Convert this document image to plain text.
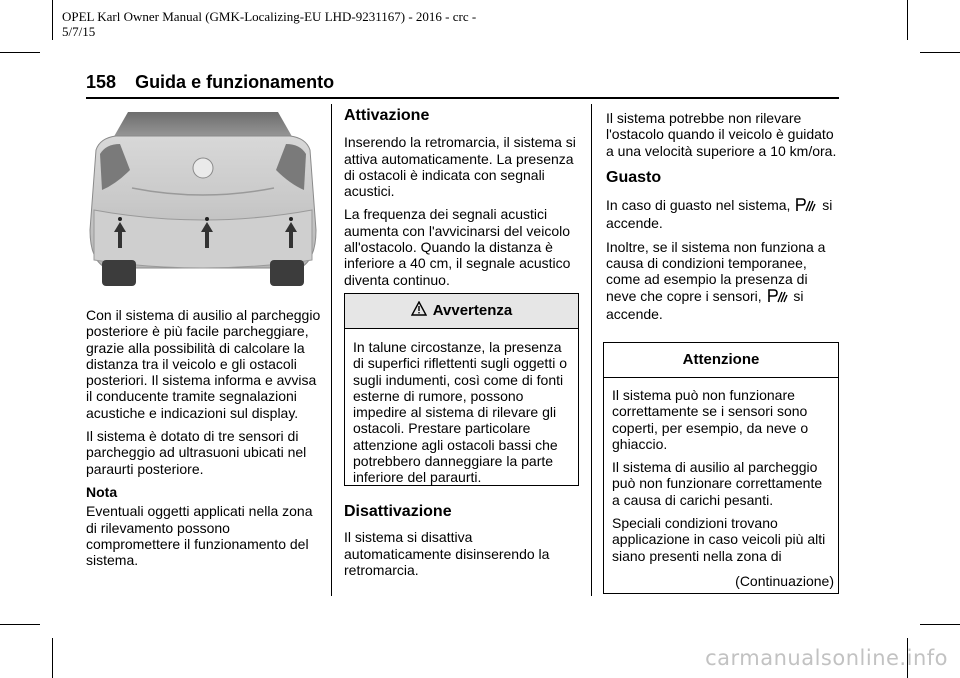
OPEL Karl Owner Manual (GMK-Localizing-EU LHD-9231167) - 2016 - crc -
5/7/15
158 Guida e funzionamento

Con il sistema di ausilio al parcheggio posteriore è più facile parcheggiare, grazie alla possibilità di calcolare la distanza tra il veicolo e gli ostacoli posteriori. Il sistema informa e avvisa il conducente tramite segnalazioni acustiche e indicazioni sul display.

Il sistema è dotato di tre sensori di parcheggio ad ultrasuoni ubicati nel paraurti posteriore.

Nota

Eventuali oggetti applicati nella zona di rilevamento possono compromettere il funzionamento del sistema.

Attivazione

Inserendo la retromarcia, il sistema si attiva automaticamente. La presenza di ostacoli è indicata con segnali acustici.

La frequenza dei segnali acustici aumenta con l'avvicinarsi del veicolo all'ostacolo. Quando la distanza è inferiore a 40 cm, il segnale acustico diventa continuo.

Avvertenza

In talune circostanze, la presenza di superfici riflettenti sugli oggetti o sugli indumenti, così come di fonti esterne di rumore, possono impedire al sistema di rilevare gli ostacoli. Prestare particolare attenzione agli ostacoli bassi che potrebbero danneggiare la parte inferiore del paraurti.

Disattivazione

Il sistema si disattiva automaticamente disinserendo la retromarcia.

Il sistema potrebbe non rilevare l'ostacolo quando il veicolo è guidato a una velocità superiore a 10 km/ora.

Guasto

In caso di guasto nel sistema, si accende.

Inoltre, se il sistema non funziona a causa di condizioni temporanee, come ad esempio la presenza di neve che copre i sensori, si accende.

Attenzione

Il sistema può non funzionare correttamente se i sensori sono coperti, per esempio, da neve o ghiaccio.

Il sistema di ausilio al parcheggio può non funzionare correttamente a causa di carichi pesanti.

Speciali condizioni trovano applicazione in caso veicoli più alti siano presenti nella zona di

(Continuazione)
carmanualsonline.info
